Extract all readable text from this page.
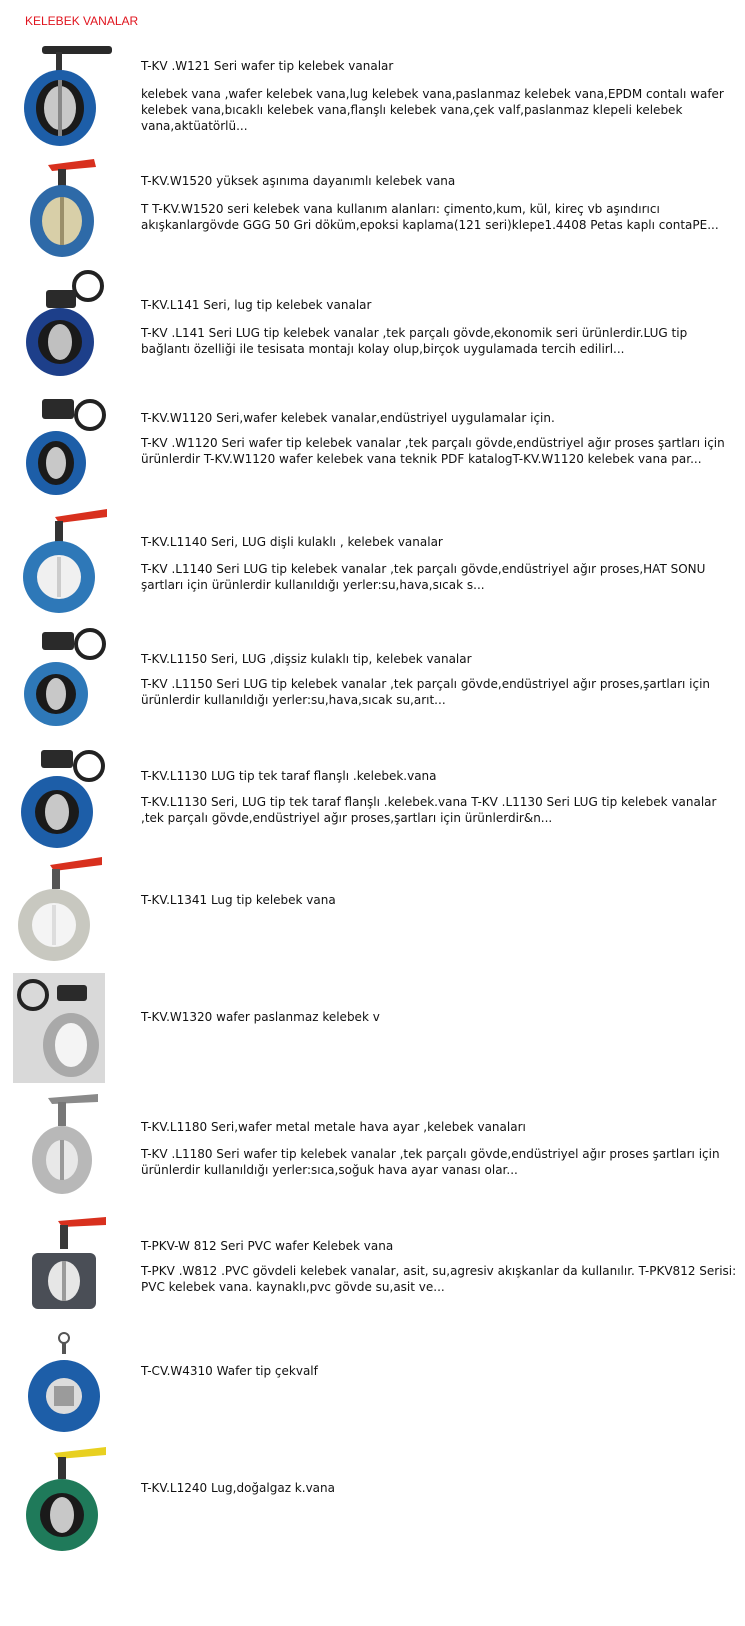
KELEBEK VANALAR
T-KV .W121 Seri wafer tip kelebek vanalar
kelebek vana ,wafer kelebek vana,lug kelebek vana,paslanmaz kelebek vana,EPDM contalı wafer kelebek vana,bıcaklı kelebek vana,flanşlı kelebek vana,çek valf,paslanmaz klepeli kelebek vana,aktüatörlü...
T-KV.W1520 yüksek aşınıma dayanımlı kelebek vana
T T-KV.W1520 seri kelebek vana kullanım alanları: çimento,kum, kül, kireç vb aşındırıcı akışkanlargövde GGG 50 Gri döküm,epoksi kaplama(121 seri)klepe1.4408 Petas kaplı contaPE...
T-KV.L141 Seri, lug tip kelebek vanalar
T-KV .L141 Seri LUG tip kelebek vanalar ,tek parçalı gövde,ekonomik seri ürünlerdir.LUG tip bağlantı özelliği ile tesisata montajı kolay olup,birçok uygulamada tercih edilirl...
T-KV.W1120 Seri,wafer kelebek vanalar,endüstriyel uygulamalar için.
T-KV .W1120 Seri wafer tip kelebek vanalar ,tek parçalı gövde,endüstriyel ağır proses şartları için ürünlerdir T-KV.W1120 wafer kelebek vana teknik PDF katalogT-KV.W1120 kelebek vana par...
T-KV.L1140 Seri, LUG dişli kulaklı , kelebek vanalar
T-KV .L1140 Seri LUG tip kelebek vanalar ,tek parçalı gövde,endüstriyel ağır proses,HAT SONU şartları için ürünlerdir kullanıldığı yerler:su,hava,sıcak s...
T-KV.L1150 Seri, LUG ,dişsiz kulaklı tip, kelebek vanalar
T-KV .L1150 Seri LUG tip kelebek vanalar ,tek parçalı gövde,endüstriyel ağır proses,şartları için ürünlerdir kullanıldığı yerler:su,hava,sıcak su,arıt...
T-KV.L1130 LUG tip tek taraf flanşlı .kelebek.vana
T-KV.L1130 Seri, LUG tip tek taraf flanşlı .kelebek.vana T-KV .L1130 Seri LUG tip kelebek vanalar ,tek parçalı gövde,endüstriyel ağır proses,şartları için ürünlerdir&n...
T-KV.L1341 Lug tip kelebek vana
T-KV.W1320 wafer paslanmaz kelebek v
T-KV.L1180 Seri,wafer metal metale hava ayar ,kelebek vanaları
T-KV .L1180 Seri wafer tip kelebek vanalar ,tek parçalı gövde,endüstriyel ağır proses şartları için ürünlerdir kullanıldığı yerler:sıca,soğuk hava ayar vanası olar...
T-PKV-W 812 Seri PVC wafer Kelebek vana
T-PKV .W812 .PVC gövdeli kelebek vanalar, asit, su,agresiv akışkanlar da kullanılır. T-PKV812 Serisi: PVC kelebek vana. kaynaklı,pvc gövde su,asit ve...
T-CV.W4310 Wafer tip çekvalf
T-KV.L1240 Lug,doğalgaz k.vana
